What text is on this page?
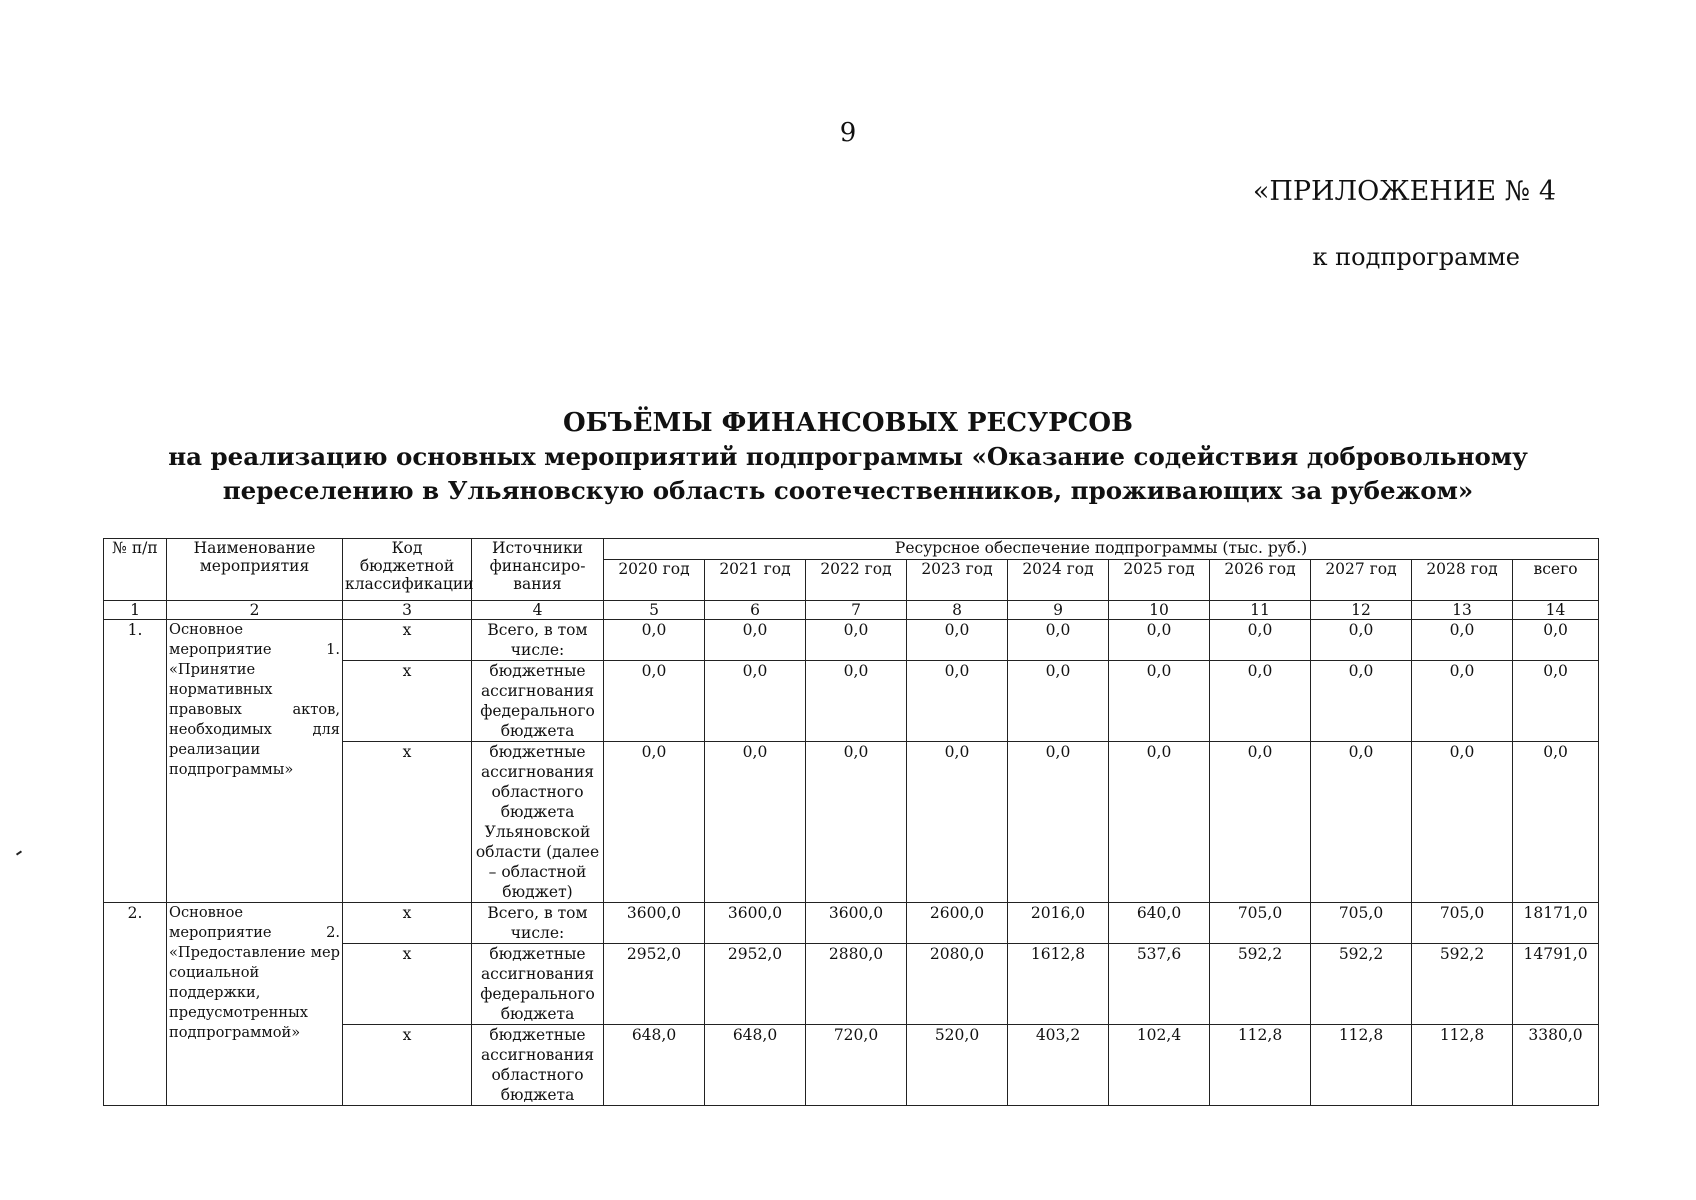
9
«ПРИЛОЖЕНИЕ № 4
к подпрограмме
ОБЪЁМЫ ФИНАНСОВЫХ РЕСУРСОВ
на реализацию основных мероприятий подпрограммы «Оказание содействия добровольному
переселению в Ульяновскую область соотечественников, проживающих за рубежом»
№ п/п	Наименование мероприятия	Код бюджетной классификации	Источники финансиро-вания	Ресурсное обеспечение подпрограммы (тыс. руб.)									
				2020 год	2021 год	2022 год	2023 год	2024 год	2025 год	2026 год	2027 год	2028 год	всего
1	2	3	4	5	6	7	8	9	10	11	12	13	14
1.	Основное мероприятие 1. «Принятие нормативных правовых актов, необходимых для реализации подпрограммы»	х	Всего, в том числе:	0,0	0,0	0,0	0,0	0,0	0,0	0,0	0,0	0,0	0,0
		х	бюджетные ассигнования федерального бюджета	0,0	0,0	0,0	0,0	0,0	0,0	0,0	0,0	0,0	0,0
		х	бюджетные ассигнования областного бюджета Ульяновской области (далее – областной бюджет)	0,0	0,0	0,0	0,0	0,0	0,0	0,0	0,0	0,0	0,0
2.	Основное мероприятие 2. «Предоставление мер социальной поддержки, предусмотренных подпрограммой»	х	Всего, в том числе:	3600,0	3600,0	3600,0	2600,0	2016,0	640,0	705,0	705,0	705,0	18171,0
		х	бюджетные ассигнования федерального бюджета	2952,0	2952,0	2880,0	2080,0	1612,8	537,6	592,2	592,2	592,2	14791,0
		х	бюджетные ассигнования областного бюджета	648,0	648,0	720,0	520,0	403,2	102,4	112,8	112,8	112,8	3380,0
